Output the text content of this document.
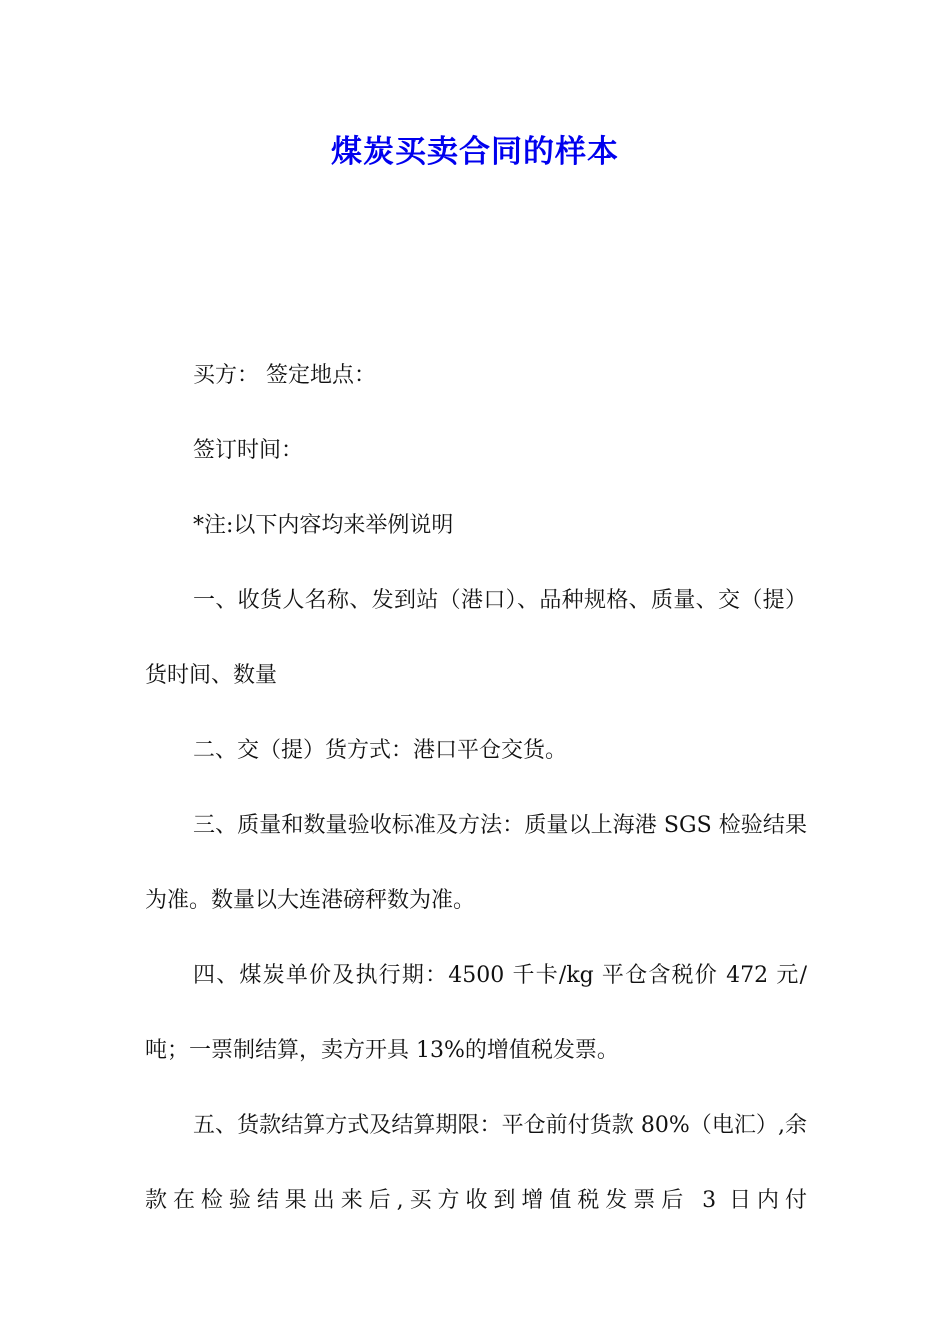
煤炭买卖合同的样本

买方： 签定地点：

签订时间：

*注:以下内容均来举例说明

一、收货人名称、发到站（港口）、品种规格、质量、交（提）货时间、数量

二、交（提）货方式：港口平仓交货。

三、质量和数量验收标准及方法：质量以上海港 SGS 检验结果为准。数量以大连港磅秤数为准。

四、煤炭单价及执行期：4500 千卡/kg 平仓含税价 472 元/吨；一票制结算，卖方开具 13%的增值税发票。

五、货款结算方式及结算期限：平仓前付货款 80%（电汇）,余款在检验结果出来后,买方收到增值税发票后 3 日内付
